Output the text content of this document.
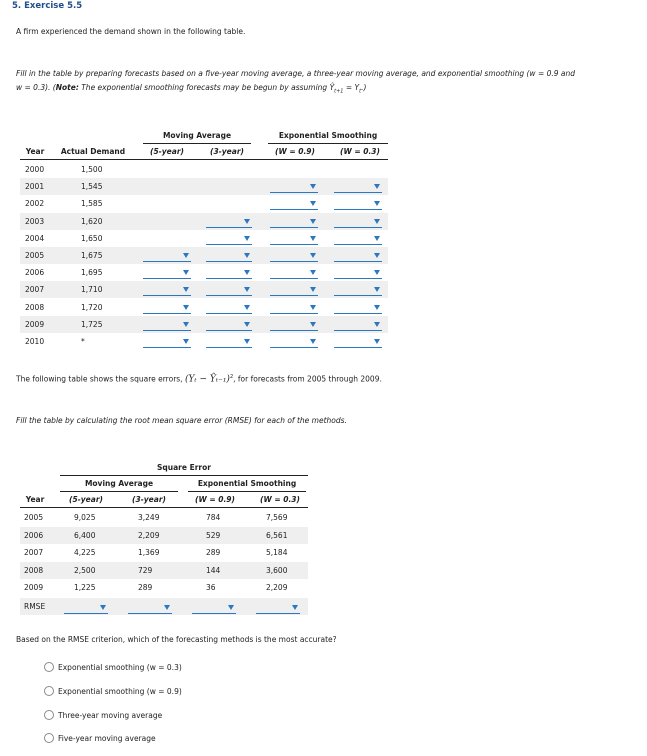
5. Exercise 5.5
A firm experienced the demand shown in the following table.
Fill in the table by preparing forecasts based on a five-year moving average, a three-year moving average, and exponential smoothing (w = 0.9 and
w = 0.3). (Note: The exponential smoothing forecasts may be begun by assuming $Ŷ_{t+1} = Y_t$.)
Moving Average	Exponential Smoothing
Year	Actual Demand	(5-year)	(3-year)	(W = 0.9)	(W = 0.3)
2000	1,500
2001	1,545
2002	1,585
2003	1,620
2004	1,650
2005	1,675
2006	1,695
2007	1,710
2008	1,720
2009	1,725
2010	*
The following table shows the square errors, (Yₜ − Ŷₜ₋₁)$^2$, for forecasts from 2005 through 2009.
Fill the table by calculating the root mean square error (RMSE) for each of the methods.
Square Error
Moving Average	Exponential Smoothing
Year	(5-year)	(3-year)	(W = 0.9)	(W = 0.3)
2005	9,025	3,249	784	7,569
2006	6,400	2,209	529	6,561
2007	4,225	1,369	289	5,184
2008	2,500	729	144	3,600
2009	1,225	289	36	2,209
RMSE
Based on the RMSE criterion, which of the forecasting methods is the most accurate?
Exponential smoothing (w = 0.3)
Exponential smoothing (w = 0.9)
Three-year moving average
Five-year moving average
